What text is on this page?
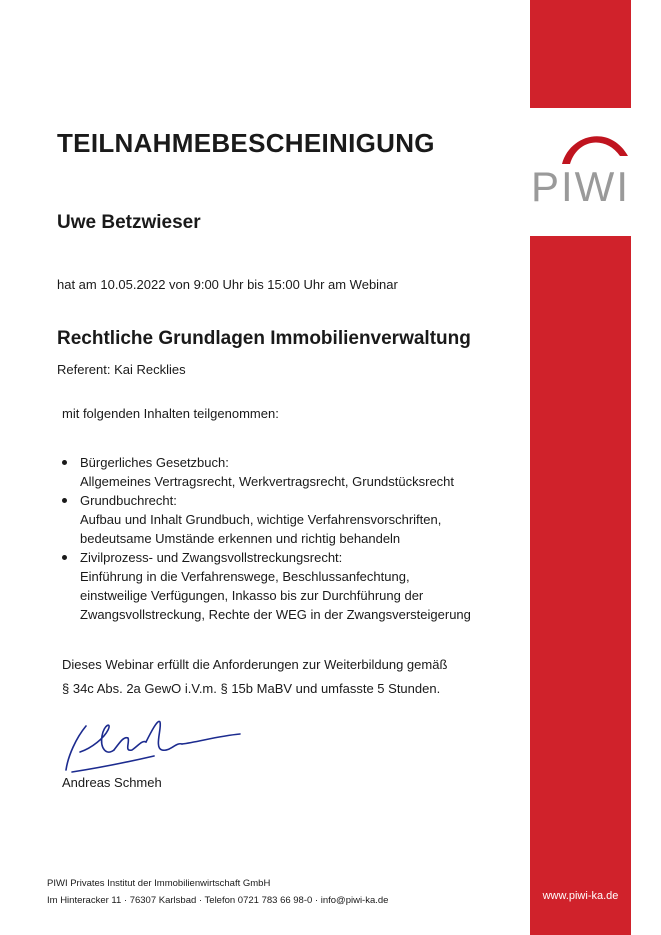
PIWI
www.piwi-ka.de
TEILNAHMEBESCHEINIGUNG
Uwe Betzwieser
hat am 10.05.2022 von 9:00 Uhr bis 15:00 Uhr am Webinar
Rechtliche Grundlagen Immobilienverwaltung
Referent: Kai Recklies
mit folgenden Inhalten teilgenommen:
Bürgerliches Gesetzbuch:
Allgemeines Vertragsrecht, Werkvertragsrecht, Grundstücksrecht
Grundbuchrecht:
Aufbau und Inhalt Grundbuch, wichtige Verfahrensvorschriften,
bedeutsame Umstände erkennen und richtig behandeln
Zivilprozess- und Zwangsvollstreckungsrecht:
Einführung in die Verfahrenswege, Beschlussanfechtung,
einstweilige Verfügungen, Inkasso bis zur Durchführung der
Zwangsvollstreckung, Rechte der WEG in der Zwangsversteigerung
Dieses Webinar erfüllt die Anforderungen zur Weiterbildung gemäß
§ 34c Abs. 2a GewO i.V.m. § 15b MaBV und umfasste 5 Stunden.
Andreas Schmeh
PIWI Privates Institut der Immobilienwirtschaft GmbH
Im Hinteracker 11 · 76307 Karlsbad · Telefon 0721 783 66 98-0 · info@piwi-ka.de
